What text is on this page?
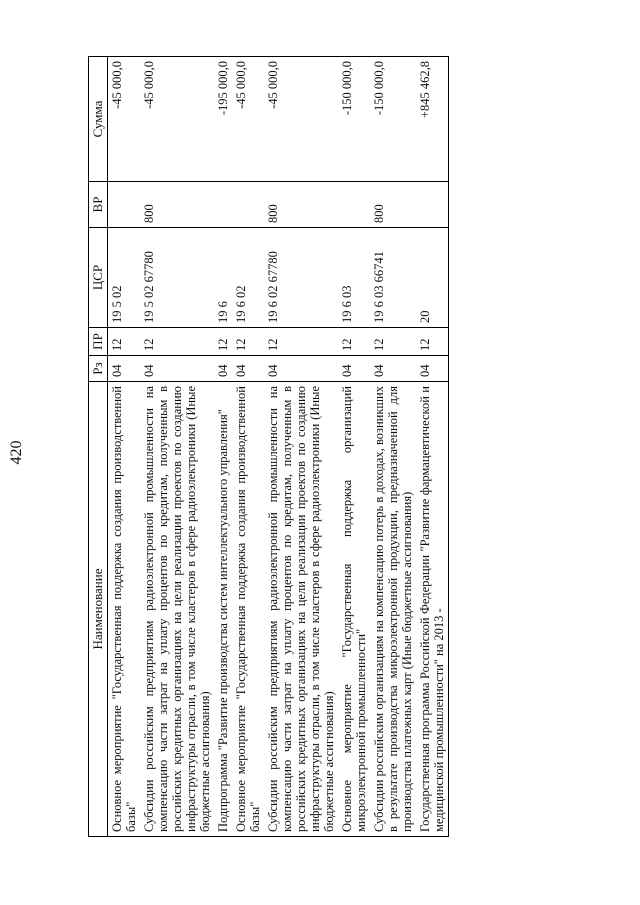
420
Наименование	Рз	ПР	ЦСР	ВР	Сумма
Основное мероприятие "Государственная поддержка создания производственной базы"	04	12	19 5 02		-45 000,0
Субсидии российским предприятиям радиоэлектронной промышленности на компенсацию части затрат на уплату процентов по кредитам, полученным в российских кредитных организациях на цели реализации проектов по созданию инфраструктуры отрасли, в том числе кластеров в сфере радиоэлектроники (Иные бюджетные ассигнования)	04	12	19 5 02 67780	800	-45 000,0
Подпрограмма "Развитие производства систем интеллектуального управления"	04	12	19 6		-195 000,0
Основное мероприятие "Государственная поддержка создания производственной базы"	04	12	19 6 02		-45 000,0
Субсидии российским предприятиям радиоэлектронной промышленности на компенсацию части затрат на уплату процентов по кредитам, полученным в российских кредитных организациях на цели реализации проектов по созданию инфраструктуры отрасли, в том числе кластеров в сфере радиоэлектроники (Иные бюджетные ассигнования)	04	12	19 6 02 67780	800	-45 000,0
Основное мероприятие "Государственная поддержка организаций микроэлектронной промышленности"	04	12	19 6 03		-150 000,0
Субсидии российским организациям на компенсацию потерь в доходах, возникших в результате производства микроэлектронной продукции, предназначенной для производства платежных карт (Иные бюджетные ассигнования)	04	12	19 6 03 66741	800	-150 000,0
Государственная программа Российской Федерации "Развитие фармацевтической и медицинской промышленности" на 2013 -	04	12	20		+845 462,8
